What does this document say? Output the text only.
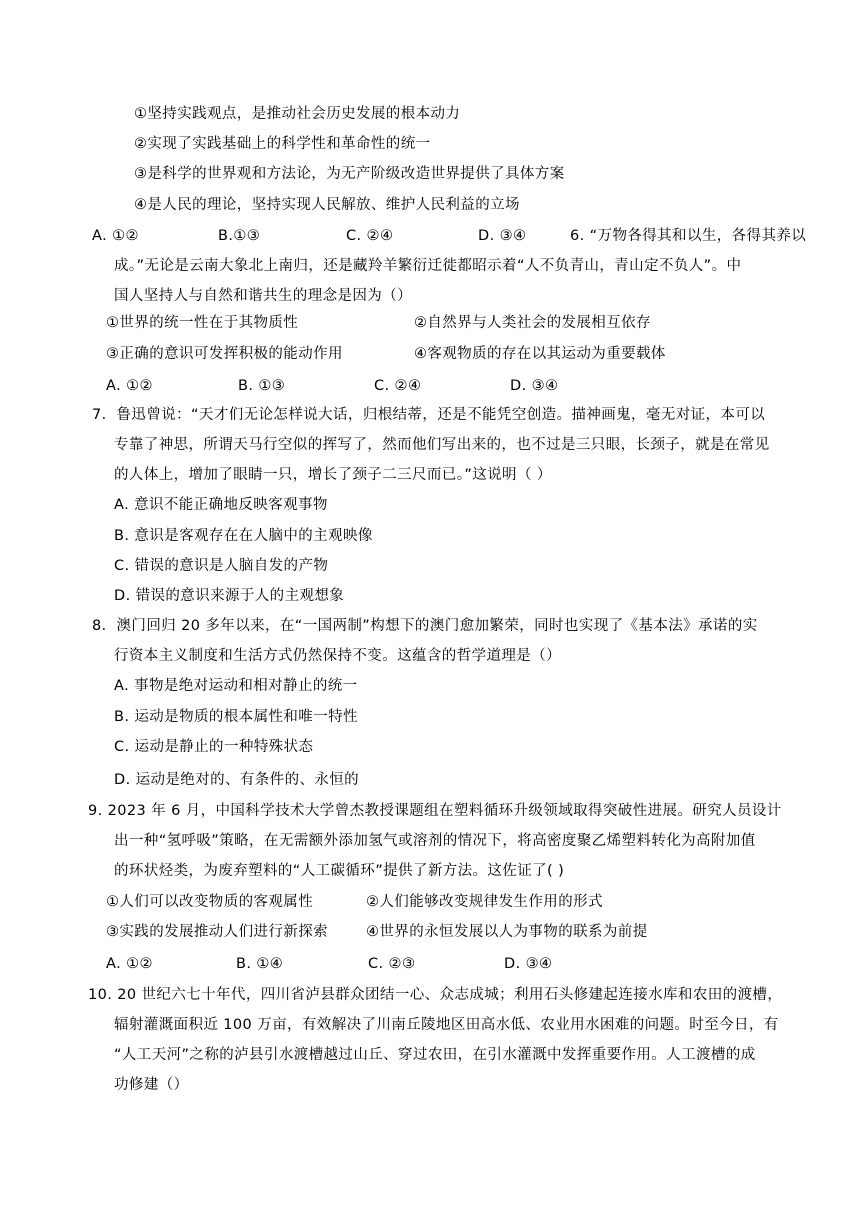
①坚持实践观点，是推动社会历史发展的根本动力
②实现了实践基础上的科学性和革命性的统一
③是科学的世界观和方法论，为无产阶级改造世界提供了具体方案
④是人民的理论，坚持实现人民解放、维护人民利益的立场
A. ①②	B.①③	C. ②④	D. ③④	6. “万物各得其和以生，各得其养以
成。”无论是云南大象北上南归，还是藏羚羊繁衍迁徙都昭示着“人不负青山，青山定不负人”。中
国人坚持人与自然和谐共生的理念是因为（）
①世界的统一性在于其物质性	②自然界与人类社会的发展相互依存
③正确的意识可发挥积极的能动作用	④客观物质的存在以其运动为重要载体
A. ①②	B. ①③	C. ②④	D. ③④
7．鲁迅曾说：“天才们无论怎样说大话，归根结蒂，还是不能凭空创造。描神画鬼，毫无对证，本可以
专靠了神思，所谓天马行空似的挥写了，然而他们写出来的，也不过是三只眼，长颈子，就是在常见
的人体上，增加了眼睛一只，增长了颈子二三尺而已。”这说明（ ）
A. 意识不能正确地反映客观事物
B. 意识是客观存在在人脑中的主观映像
C. 错误的意识是人脑自发的产物
D. 错误的意识来源于人的主观想象
8．澳门回归 20 多年以来，在“一国两制”构想下的澳门愈加繁荣，同时也实现了《基本法》承诺的实
行资本主义制度和生活方式仍然保持不变。这蕴含的哲学道理是（）
A. 事物是绝对运动和相对静止的统一
B. 运动是物质的根本属性和唯一特性
C. 运动是静止的一种特殊状态
D. 运动是绝对的、有条件的、永恒的
9. 2023 年 6 月，中国科学技术大学曾杰教授课题组在塑料循环升级领域取得突破性进展。研究人员设计
出一种“氢呼吸”策略，在无需额外添加氢气或溶剂的情况下，将高密度聚乙烯塑料转化为高附加值
的环状烃类，为废弃塑料的“人工碳循环”提供了新方法。这佐证了( )
①人们可以改变物质的客观属性	②人们能够改变规律发生作用的形式
③实践的发展推动人们进行新探索	④世界的永恒发展以人为事物的联系为前提
A. ①②	B. ①④	C. ②③	D. ③④
10. 20 世纪六七十年代，四川省泸县群众团结一心、众志成城；利用石头修建起连接水库和农田的渡槽，
辐射灌溉面积近 100 万亩，有效解决了川南丘陵地区田高水低、农业用水困难的问题。时至今日，有
“人工天河”之称的泸县引水渡槽越过山丘、穿过农田，在引水灌溉中发挥重要作用。人工渡槽的成
功修建（）
